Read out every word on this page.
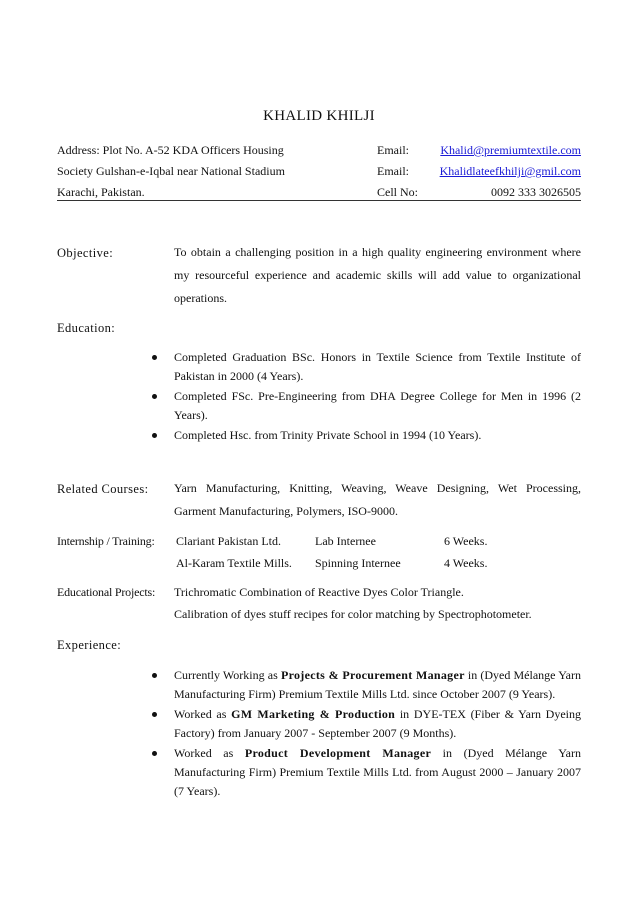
KHALID KHILJI
Address: Plot No. A-52 KDA Officers Housing	Email:	Khalid@premiumtextile.com
Society Gulshan-e-Iqbal near National Stadium	Email:	Khalidlateefkhilji@gmil.com
Karachi, Pakistan.	Cell No:	0092 333 3026505
Objective:	To obtain a challenging position in a high quality engineering environment where my resourceful experience and academic skills will add value to organizational operations.
Education:
Completed Graduation BSc. Honors in Textile Science from Textile Institute of Pakistan in 2000 (4 Years).
Completed FSc. Pre-Engineering from DHA Degree College for Men in 1996 (2 Years).
Completed Hsc. from Trinity Private School in 1994 (10 Years).
Related Courses: Yarn Manufacturing, Knitting, Weaving, Weave Designing, Wet Processing, Garment Manufacturing, Polymers, ISO-9000.
Internship / Training: Clariant Pakistan Ltd.	Lab Internee	6 Weeks.
Al-Karam Textile Mills. Spinning Internee	4 Weeks.
Educational Projects: Trichromatic Combination of Reactive Dyes Color Triangle.
Calibration of dyes stuff recipes for color matching by Spectrophotometer.
Experience:
Currently Working as Projects & Procurement Manager in (Dyed Mélange Yarn Manufacturing Firm) Premium Textile Mills Ltd. since October 2007 (9 Years).
Worked as GM Marketing & Production in DYE-TEX (Fiber & Yarn Dyeing Factory) from January 2007 - September 2007 (9 Months).
Worked as Product Development Manager in (Dyed Mélange Yarn Manufacturing Firm) Premium Textile Mills Ltd. from August 2000 – January 2007 (7 Years).
